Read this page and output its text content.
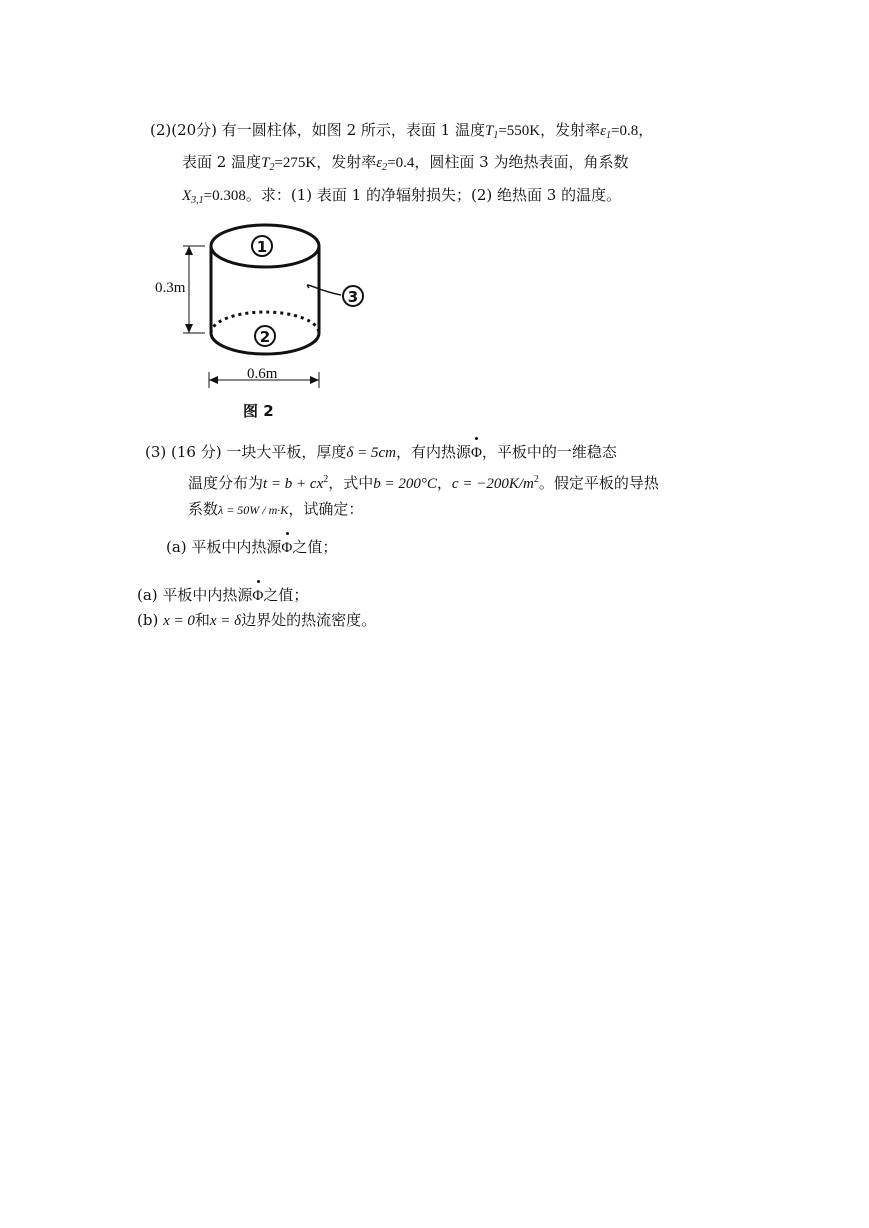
(2)(20分) 有一圆柱体，如图 2 所示，表面 1 温度$T_1=550K$，发射率$\varepsilon_1=0.8$，
表面 2 温度$T_2=275K$，发射率$\varepsilon_2=0.4$，圆柱面 3 为绝热表面，角系数
$X_{3,1}=0.308$。求：(1) 表面 1 的净辐射损失；(2) 绝热面 3 的温度。
1
2
3
0.3m
0.6m
图 2
(3) (16 分) 一块大平板，厚度δ = 5cm，有内热源Φ，平板中的一维稳态
温度分布为$t = b + cx^2$，式中b = 200°C，$c = -200K/m^2$。假定平板的导热
系数λ = 50W / m·K，试确定：
(a) 平板中内热源Φ之值；
(a) 平板中内热源Φ之值；
(b) x = 0和x = δ边界处的热流密度。
